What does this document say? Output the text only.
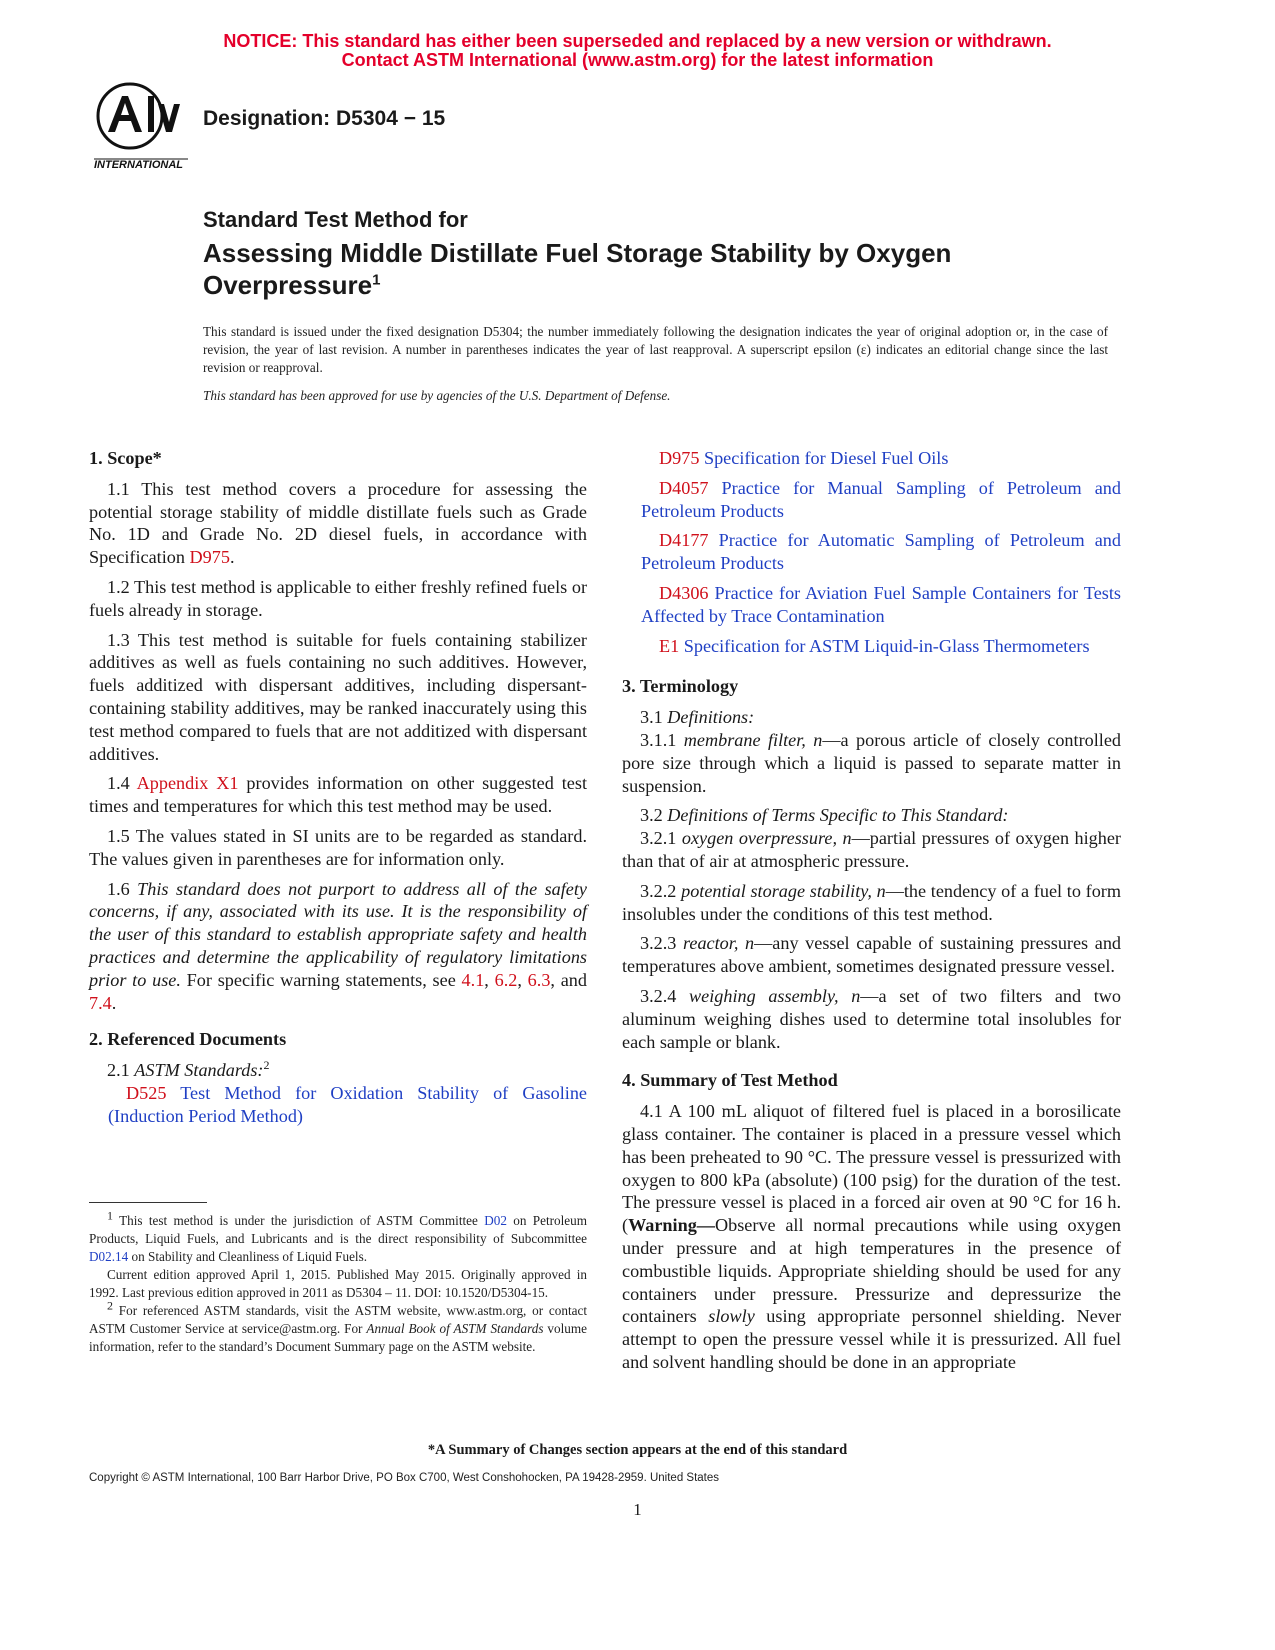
NOTICE: This standard has either been superseded and replaced by a new version or withdrawn.
Contact ASTM International (www.astm.org) for the latest information
INTERNATIONAL
Designation: D5304 − 15
Standard Test Method for
Assessing Middle Distillate Fuel Storage Stability by Oxygen Overpressure$^1$
This standard is issued under the fixed designation D5304; the number immediately following the designation indicates the year of original adoption or, in the case of revision, the year of last revision. A number in parentheses indicates the year of last reapproval. A superscript epsilon (ε) indicates an editorial change since the last revision or reapproval.
This standard has been approved for use by agencies of the U.S. Department of Defense.
1. Scope*

1.1 This test method covers a procedure for assessing the potential storage stability of middle distillate fuels such as Grade No. 1D and Grade No. 2D diesel fuels, in accordance with Specification D975.

1.2 This test method is applicable to either freshly refined fuels or fuels already in storage.

1.3 This test method is suitable for fuels containing stabilizer additives as well as fuels containing no such additives. However, fuels additized with dispersant additives, including dispersant-containing stability additives, may be ranked inaccurately using this test method compared to fuels that are not additized with dispersant additives.

1.4 Appendix X1 provides information on other suggested test times and temperatures for which this test method may be used.

1.5 The values stated in SI units are to be regarded as standard. The values given in parentheses are for information only.

1.6 This standard does not purport to address all of the safety concerns, if any, associated with its use. It is the responsibility of the user of this standard to establish appropriate safety and health practices and determine the applicability of regulatory limitations prior to use. For specific warning statements, see 4.1, 6.2, 6.3, and 7.4.

2. Referenced Documents

2.1 ASTM Standards:$^2$

D525 Test Method for Oxidation Stability of Gasoline (Induction Period Method)

D975 Specification for Diesel Fuel Oils

D4057 Practice for Manual Sampling of Petroleum and Petroleum Products

D4177 Practice for Automatic Sampling of Petroleum and Petroleum Products

D4306 Practice for Aviation Fuel Sample Containers for Tests Affected by Trace Contamination

E1 Specification for ASTM Liquid-in-Glass Thermometers

3. Terminology

3.1 Definitions:

3.1.1 membrane filter, n—a porous article of closely controlled pore size through which a liquid is passed to separate matter in suspension.

3.2 Definitions of Terms Specific to This Standard:

3.2.1 oxygen overpressure, n—partial pressures of oxygen higher than that of air at atmospheric pressure.

3.2.2 potential storage stability, n—the tendency of a fuel to form insolubles under the conditions of this test method.

3.2.3 reactor, n—any vessel capable of sustaining pressures and temperatures above ambient, sometimes designated pressure vessel.

3.2.4 weighing assembly, n—a set of two filters and two aluminum weighing dishes used to determine total insolubles for each sample or blank.

4. Summary of Test Method

4.1 A 100 mL aliquot of filtered fuel is placed in a borosilicate glass container. The container is placed in a pressure vessel which has been preheated to 90 °C. The pressure vessel is pressurized with oxygen to 800 kPa (absolute) (100 psig) for the duration of the test. The pressure vessel is placed in a forced air oven at 90 °C for 16 h. (Warning—Observe all normal precautions while using oxygen under pressure and at high temperatures in the presence of combustible liquids. Appropriate shielding should be used for any containers under pressure. Pressurize and depressurize the containers slowly using appropriate personnel shielding. Never attempt to open the pressure vessel while it is pressurized. All fuel and solvent handling should be done in an appropriate

$^1$ This test method is under the jurisdiction of ASTM Committee D02 on Petroleum Products, Liquid Fuels, and Lubricants and is the direct responsibility of Subcommittee D02.14 on Stability and Cleanliness of Liquid Fuels.

Current edition approved April 1, 2015. Published May 2015. Originally approved in 1992. Last previous edition approved in 2011 as D5304 – 11. DOI: 10.1520/D5304-15.

$^2$ For referenced ASTM standards, visit the ASTM website, www.astm.org, or contact ASTM Customer Service at service@astm.org. For Annual Book of ASTM Standards volume information, refer to the standard’s Document Summary page on the ASTM website.

*A Summary of Changes section appears at the end of this standard
Copyright © ASTM International, 100 Barr Harbor Drive, PO Box C700, West Conshohocken, PA 19428-2959. United States
1
